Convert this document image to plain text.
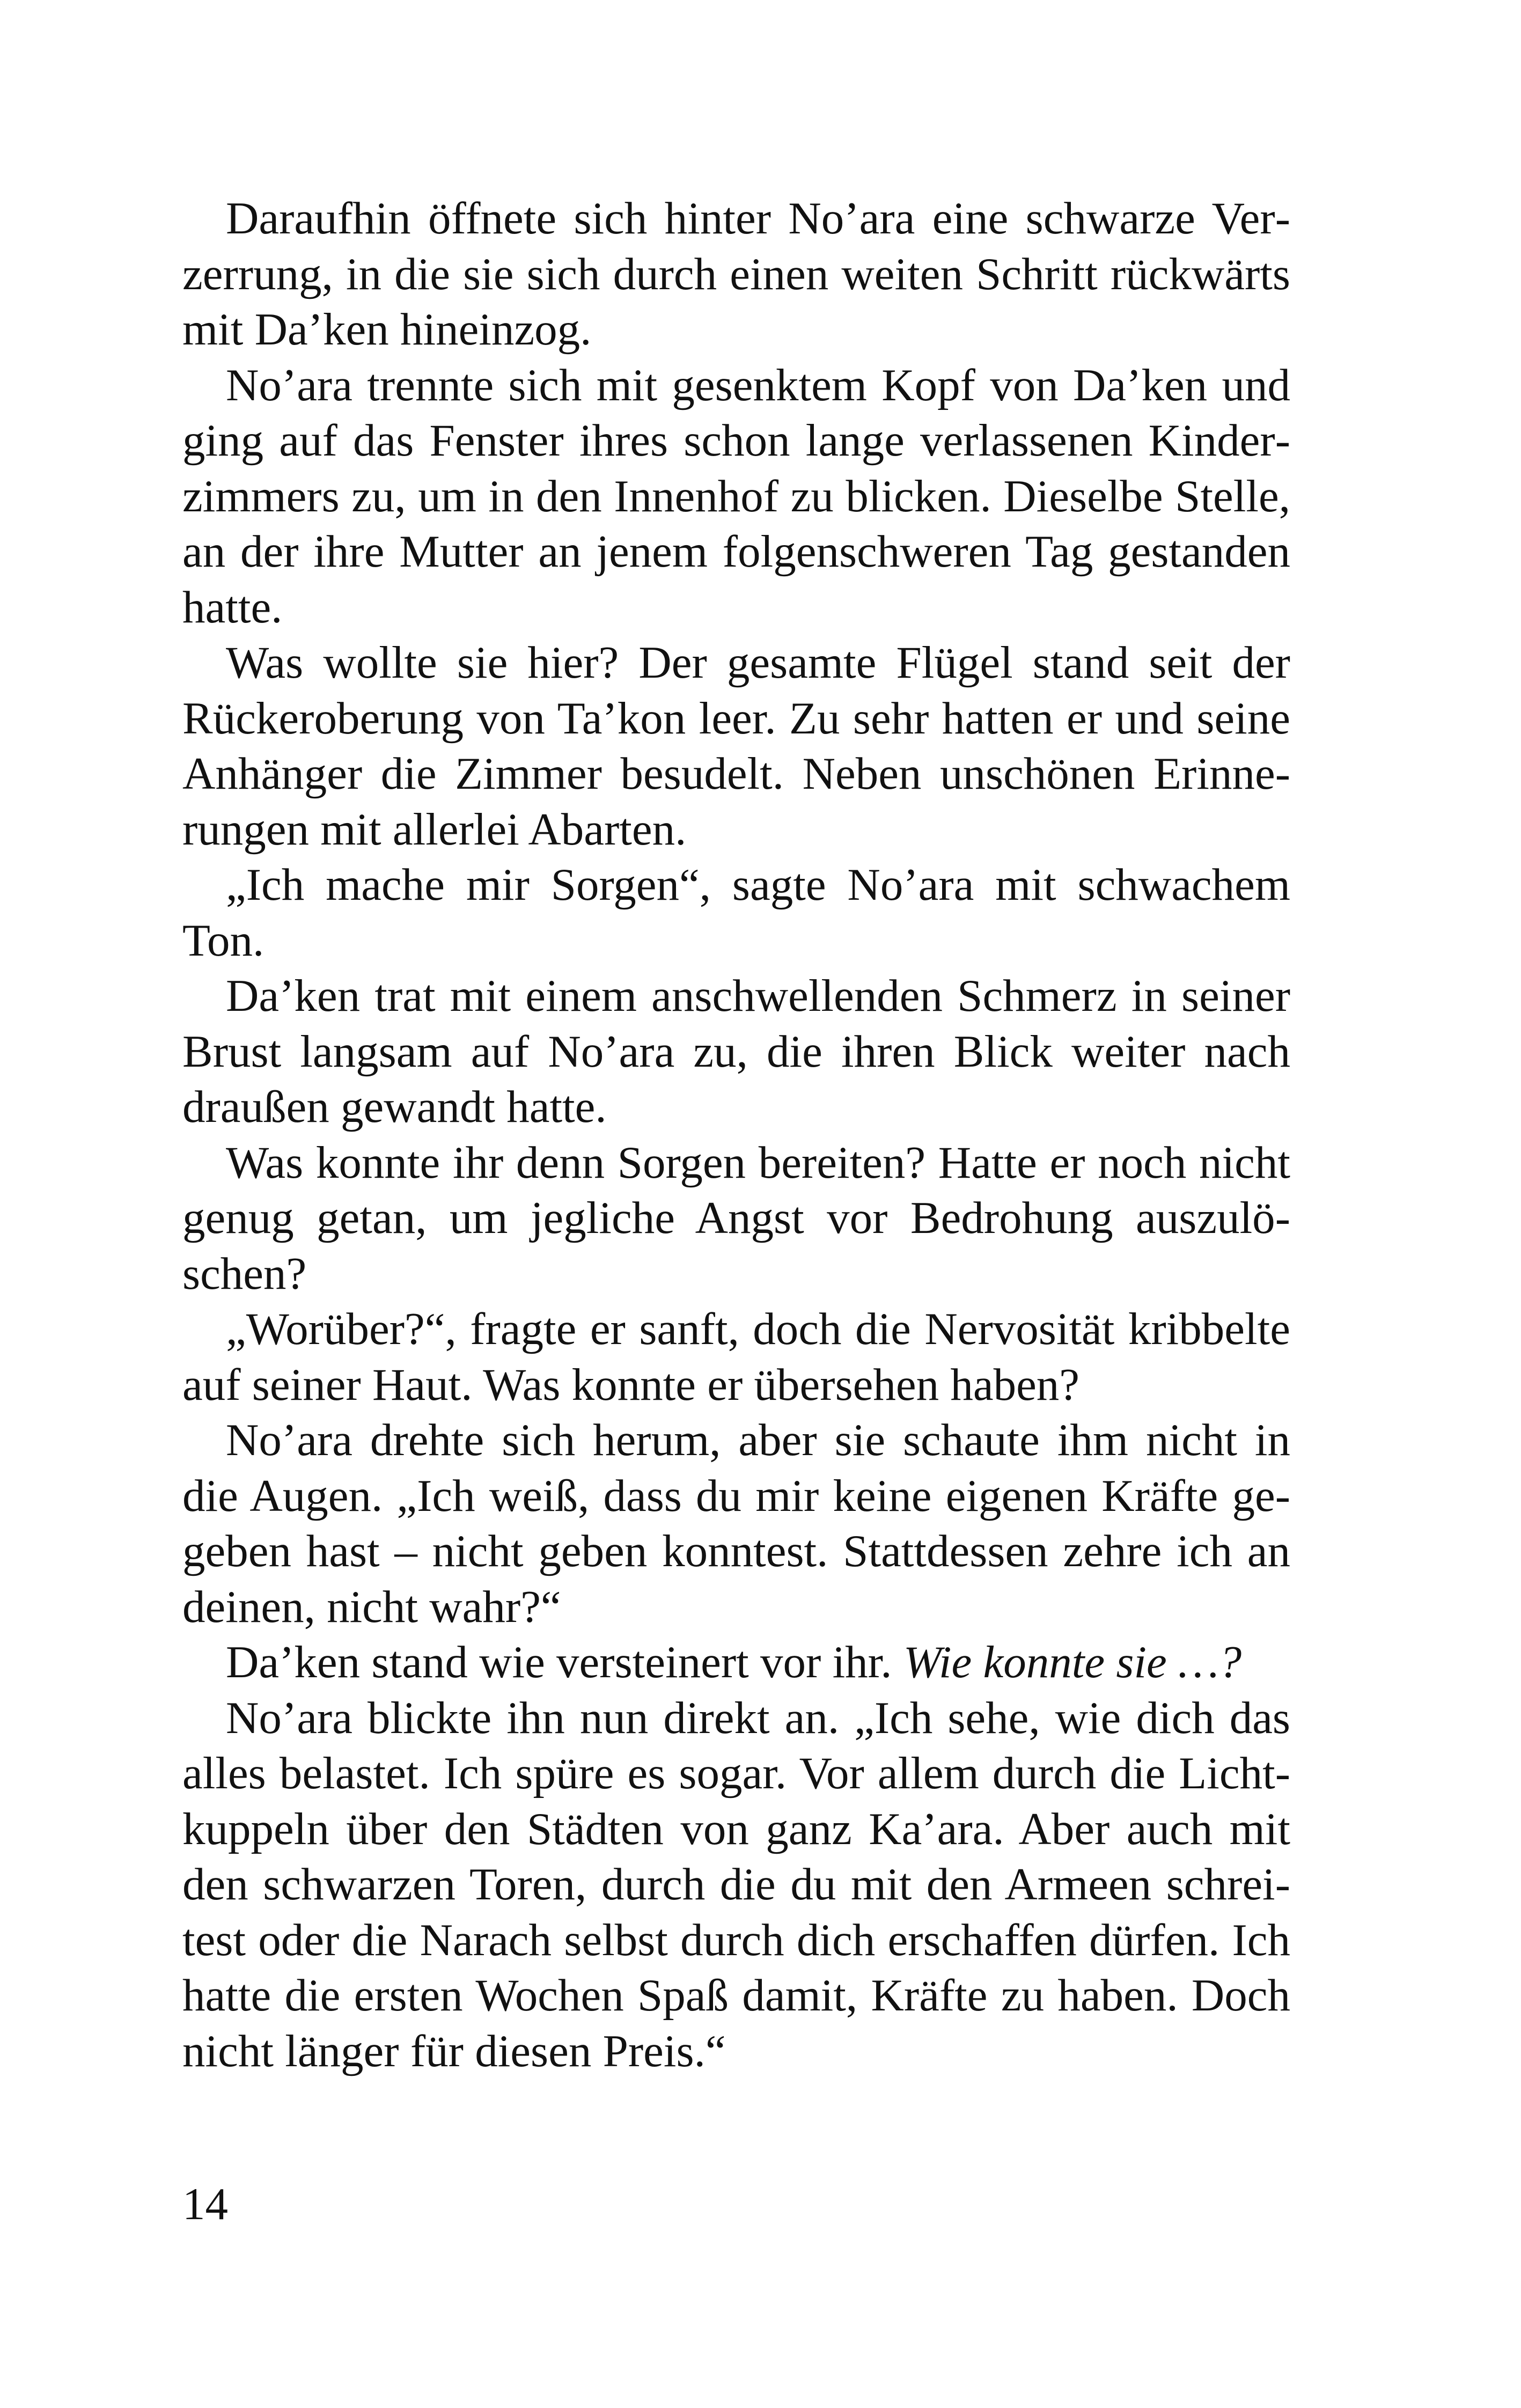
Daraufhin öffnete sich hinter No’ara eine schwarze Verzerrung, in die sie sich durch einen weiten Schritt rückwärts mit Da’ken hineinzog.

No’ara trennte sich mit gesenktem Kopf von Da’ken und ging auf das Fenster ihres schon lange verlassenen Kinderzimmers zu, um in den Innenhof zu blicken. Dieselbe Stelle, an der ihre Mutter an jenem folgenschweren Tag gestanden hatte.

Was wollte sie hier? Der gesamte Flügel stand seit der Rückeroberung von Ta’kon leer. Zu sehr hatten er und seine Anhänger die Zimmer besudelt. Neben unschönen Erinnerungen mit allerlei Abarten.

„Ich mache mir Sorgen“, sagte No’ara mit schwachem Ton.

Da’ken trat mit einem anschwellenden Schmerz in seiner Brust langsam auf No’ara zu, die ihren Blick weiter nach draußen gewandt hatte.

Was konnte ihr denn Sorgen bereiten? Hatte er noch nicht genug getan, um jegliche Angst vor Bedrohung auszulöschen?

„Worüber?“, fragte er sanft, doch die Nervosität kribbelte auf seiner Haut. Was konnte er übersehen haben?

No’ara drehte sich herum, aber sie schaute ihm nicht in die Augen. „Ich weiß, dass du mir keine eigenen Kräfte gegeben hast – nicht geben konntest. Stattdessen zehre ich an deinen, nicht wahr?“

Da’ken stand wie versteinert vor ihr. Wie konnte sie …?

No’ara blickte ihn nun direkt an. „Ich sehe, wie dich das alles belastet. Ich spüre es sogar. Vor allem durch die Lichtkuppeln über den Städten von ganz Ka’ara. Aber auch mit den schwarzen Toren, durch die du mit den Armeen schreitest oder die Narach selbst durch dich erschaffen dürfen. Ich hatte die ersten Wochen Spaß damit, Kräfte zu haben. Doch nicht länger für diesen Preis.“

14
